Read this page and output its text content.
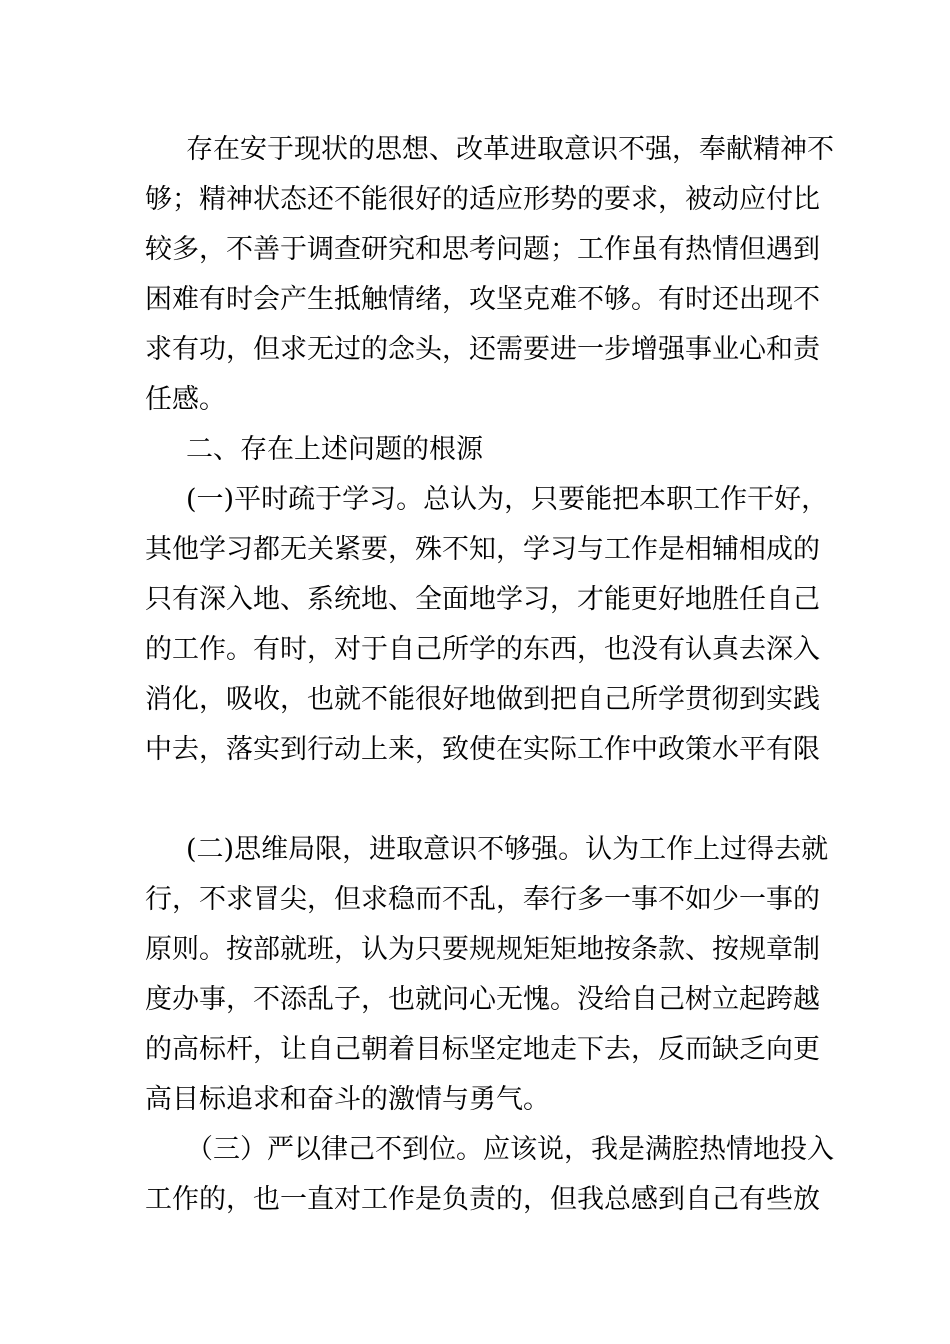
存在安于现状的思想、改革进取意识不强，奉献精神不
够；精神状态还不能很好的适应形势的要求，被动应付比
较多，不善于调查研究和思考问题；工作虽有热情但遇到
困难有时会产生抵触情绪，攻坚克难不够。有时还出现不
求有功，但求无过的念头，还需要进一步增强事业心和责
任感。
二、存在上述问题的根源
(一)平时疏于学习。总认为，只要能把本职工作干好，
其他学习都无关紧要，殊不知，学习与工作是相辅相成的
只有深入地、系统地、全面地学习，才能更好地胜任自己
的工作。有时，对于自己所学的东西，也没有认真去深入
消化，吸收，也就不能很好地做到把自己所学贯彻到实践
中去，落实到行动上来，致使在实际工作中政策水平有限
(二)思维局限，进取意识不够强。认为工作上过得去就
行，不求冒尖，但求稳而不乱，奉行多一事不如少一事的
原则。按部就班，认为只要规规矩矩地按条款、按规章制
度办事，不添乱子，也就问心无愧。没给自己树立起跨越
的高标杆，让自己朝着目标坚定地走下去，反而缺乏向更
高目标追求和奋斗的激情与勇气。
（三）严以律己不到位。应该说，我是满腔热情地投入
工作的，也一直对工作是负责的，但我总感到自己有些放
